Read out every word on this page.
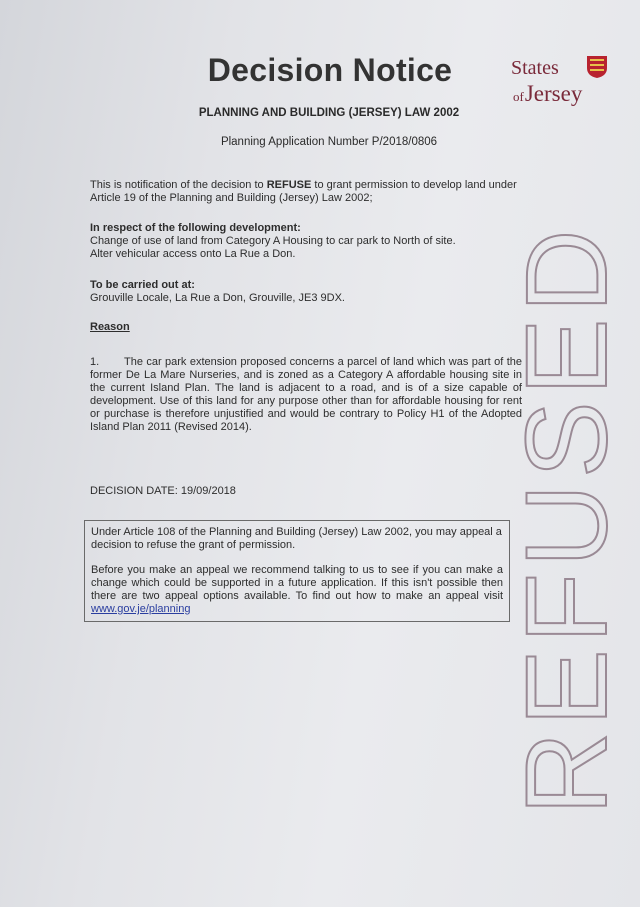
Decision Notice	States
ofJersey
PLANNING AND BUILDING (JERSEY) LAW 2002
Planning Application Number P/2018/0806
This is notification of the decision to REFUSE to grant permission to develop land under Article 19 of the Planning and Building (Jersey) Law 2002;
In respect of the following development:
Change of use of land from Category A Housing to car park to North of site.
Alter vehicular access onto La Rue a Don.
To be carried out at:
Grouville Locale, La Rue a Don, Grouville, JE3 9DX.
Reason
1. The car park extension proposed concerns a parcel of land which was part of the former De La Mare Nurseries, and is zoned as a Category A affordable housing site in the current Island Plan. The land is adjacent to a road, and is of a size capable of development. Use of this land for any purpose other than for affordable housing for rent or purchase is therefore unjustified and would be contrary to Policy H1 of the Adopted Island Plan 2011 (Revised 2014).
DECISION DATE: 19/09/2018

Under Article 108 of the Planning and Building (Jersey) Law 2002, you may appeal a decision to refuse the grant of permission.

Before you make an appeal we recommend talking to us to see if you can make a change which could be supported in a future application. If this isn't possible then there are two appeal options available. To find out how to make an appeal visit www.gov.je/planning	REFUSED
